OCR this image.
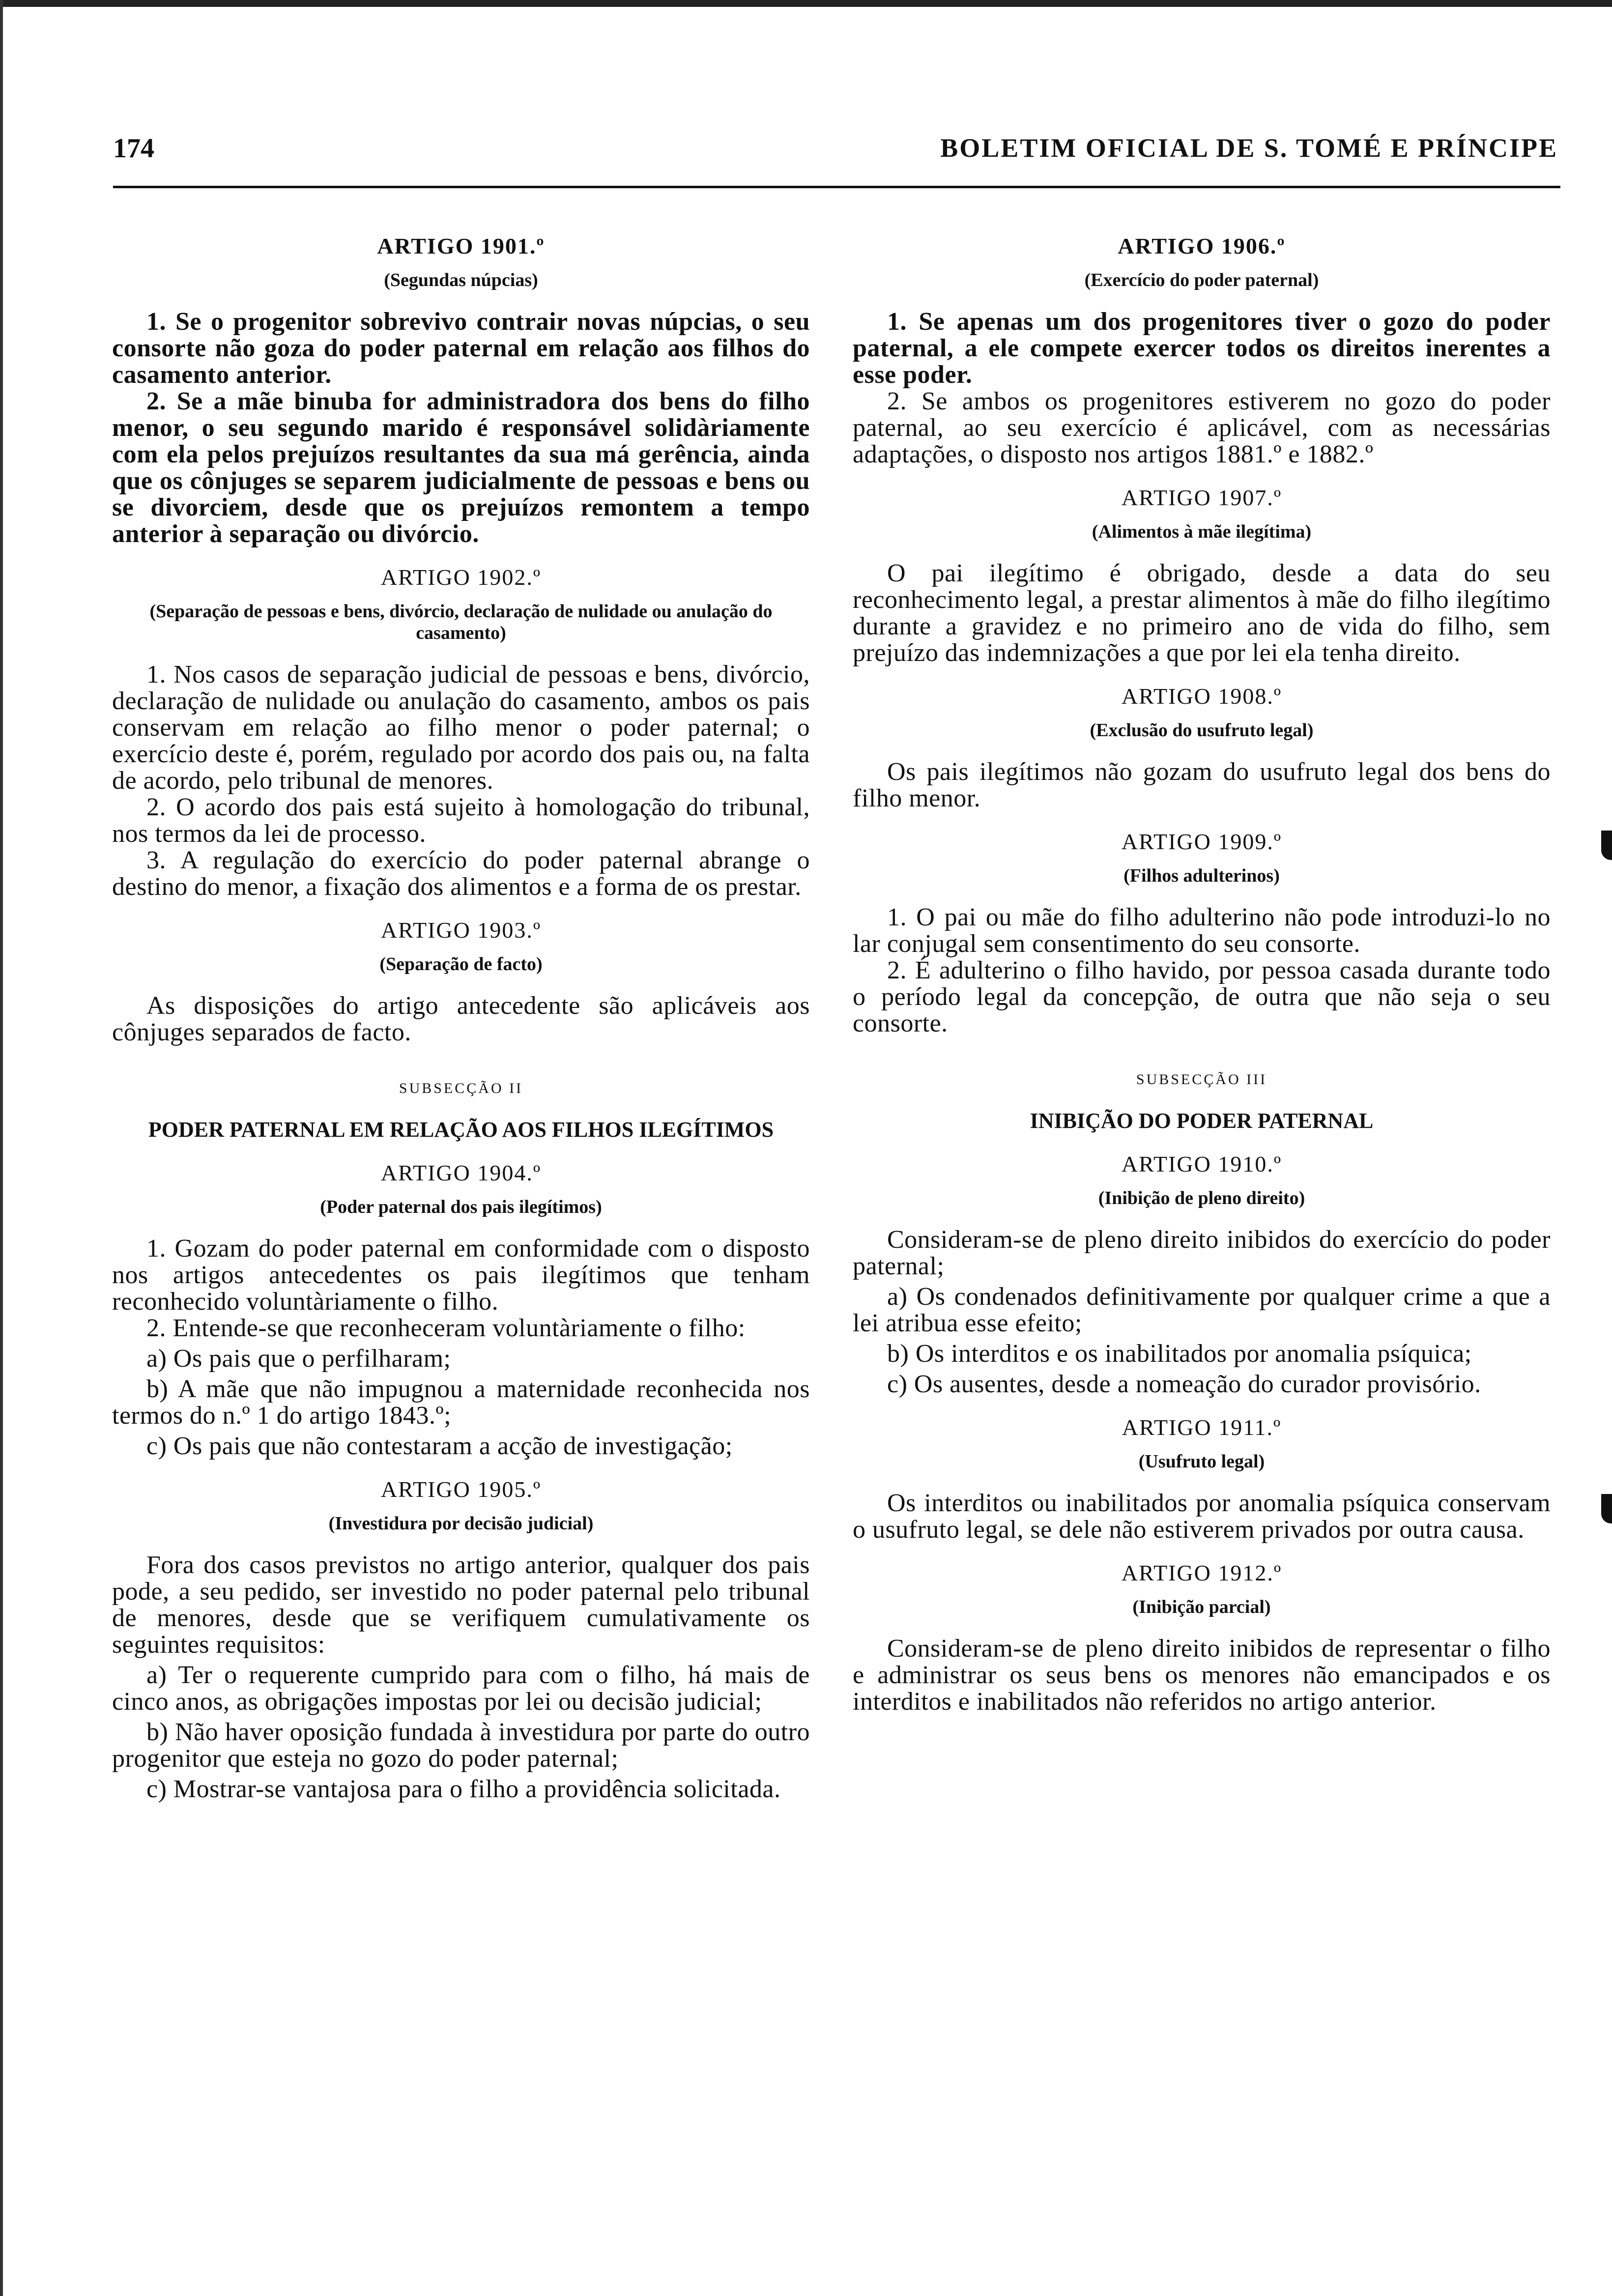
174	BOLETIM OFICIAL DE S. TOMÉ E PRÍNCIPE
ARTIGO 1901.º
(Segundas núpcias)
1. Se o progenitor sobrevivo contrair novas núpcias, o seu consorte não goza do poder paternal em relação aos filhos do casamento anterior.
2. Se a mãe binuba for administradora dos bens do filho menor, o seu segundo marido é responsável solidàriamente com ela pelos prejuízos resultantes da sua má gerência, ainda que os cônjuges se separem judicialmente de pessoas e bens ou se divorciem, desde que os prejuízos remontem a tempo anterior à separação ou divórcio.
ARTIGO 1902.º
(Separação de pessoas e bens, divórcio, declaração de nulidade ou anulação do casamento)
1. Nos casos de separação judicial de pessoas e bens, divórcio, declaração de nulidade ou anulação do casamento, ambos os pais conservam em relação ao filho menor o poder paternal; o exercício deste é, porém, regulado por acordo dos pais ou, na falta de acordo, pelo tribunal de menores.
2. O acordo dos pais está sujeito à homologação do tribunal, nos termos da lei de processo.
3. A regulação do exercício do poder paternal abrange o destino do menor, a fixação dos alimentos e a forma de os prestar.
ARTIGO 1903.º
(Separação de facto)
As disposições do artigo antecedente são aplicáveis aos cônjuges separados de facto.
SUBSECÇÃO II
PODER PATERNAL EM RELAÇÃO AOS FILHOS ILEGÍTIMOS
ARTIGO 1904.º
(Poder paternal dos pais ilegítimos)
1. Gozam do poder paternal em conformidade com o disposto nos artigos antecedentes os pais ilegítimos que tenham reconhecido voluntàriamente o filho.
2. Entende-se que reconheceram voluntàriamente o filho:
a) Os pais que o perfilharam;
b) A mãe que não impugnou a maternidade reconhecida nos termos do n.º 1 do artigo 1843.º;
c) Os pais que não contestaram a acção de investigação;
ARTIGO 1905.º
(Investidura por decisão judicial)
Fora dos casos previstos no artigo anterior, qualquer dos pais pode, a seu pedido, ser investido no poder paternal pelo tribunal de menores, desde que se verifiquem cumulativamente os seguintes requisitos:
a) Ter o requerente cumprido para com o filho, há mais de cinco anos, as obrigações impostas por lei ou decisão judicial;
b) Não haver oposição fundada à investidura por parte do outro progenitor que esteja no gozo do poder paternal;
c) Mostrar-se vantajosa para o filho a providência solicitada.
ARTIGO 1906.º
(Exercício do poder paternal)
1. Se apenas um dos progenitores tiver o gozo do poder paternal, a ele compete exercer todos os direitos inerentes a esse poder.
2. Se ambos os progenitores estiverem no gozo do poder paternal, ao seu exercício é aplicável, com as necessárias adaptações, o disposto nos artigos 1881.º e 1882.º
ARTIGO 1907.º
(Alimentos à mãe ilegítima)
O pai ilegítimo é obrigado, desde a data do seu reconhecimento legal, a prestar alimentos à mãe do filho ilegítimo durante a gravidez e no primeiro ano de vida do filho, sem prejuízo das indemnizações a que por lei ela tenha direito.
ARTIGO 1908.º
(Exclusão do usufruto legal)
Os pais ilegítimos não gozam do usufruto legal dos bens do filho menor.
ARTIGO 1909.º
(Filhos adulterinos)
1. O pai ou mãe do filho adulterino não pode introduzi-lo no lar conjugal sem consentimento do seu consorte.
2. É adulterino o filho havido, por pessoa casada durante todo o período legal da concepção, de outra que não seja o seu consorte.
SUBSECÇÃO III
INIBIÇÃO DO PODER PATERNAL
ARTIGO 1910.º
(Inibição de pleno direito)
Consideram-se de pleno direito inibidos do exercício do poder paternal;
a) Os condenados definitivamente por qualquer crime a que a lei atribua esse efeito;
b) Os interditos e os inabilitados por anomalia psíquica;
c) Os ausentes, desde a nomeação do curador provisório.
ARTIGO 1911.º
(Usufruto legal)
Os interditos ou inabilitados por anomalia psíquica conservam o usufruto legal, se dele não estiverem privados por outra causa.
ARTIGO 1912.º
(Inibição parcial)
Consideram-se de pleno direito inibidos de representar o filho e administrar os seus bens os menores não emancipados e os interditos e inabilitados não referidos no artigo anterior.
